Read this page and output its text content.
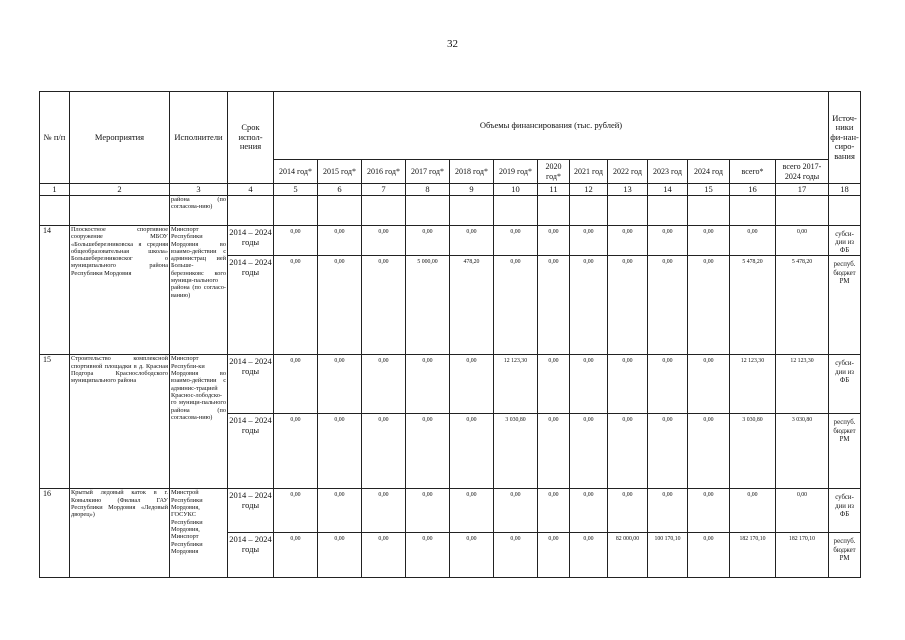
32
№ п/п	Мероприятия	Исполнители	Срок испол-нения	Объемы финансирования (тыс. рублей)													Источ-ники фи-нан-сиро-вания
				2014 год*	2015 год*	2016 год*	2017 год*	2018 год*	2019 год*	2020 год*	2021 год	2022 год	2023 год	2024 год	всего*	всего 2017-2024 годы	
1	2	3	4	5	6	7	8	9	10	11	12	13	14	15	16	17	18
		района (по согласова-нию)															
14	Плоскостное спортивное сооружение МБОУ «Большеберезниковска я средняя общеобразовательная школа» Большеберезниковског о муниципального района Республики Мордовия	Минспорт Республики Мордовия во взаимо-действии с администрац ией Больше-березниковс кого муници-пального района (по согласо-ванию)	2014 – 2024 годы	0,00	0,00	0,00	0,00	0,00	0,00	0,00	0,00	0,00	0,00	0,00	0,00	0,00	субси-дии из ФБ
			2014 – 2024 годы	0,00	0,00	0,00	5 000,00	478,20	0,00	0,00	0,00	0,00	0,00	0,00	5 478,20	5 478,20	респуб. бюджет РМ
15	Строительство комплексной спортивной площадки в д. Красная Подгора Краснослободского муниципального района	Минспорт Республи-ки Мордовия во взаимо-действии с админис-трацией Краснос-лободско-го муници-пального района (по согласова-нию)	2014 – 2024 годы	0,00	0,00	0,00	0,00	0,00	12 123,30	0,00	0,00	0,00	0,00	0,00	12 123,30	12 123,30	субси-дии из ФБ
			2014 – 2024 годы	0,00	0,00	0,00	0,00	0,00	3 030,80	0,00	0,00	0,00	0,00	0,00	3 030,80	3 030,80	респуб. бюджет РМ
16	Крытый ледовый каток в г. Ковылкино (Филиал ГАУ Республики Мордовия «Ледовый дворец»)	Минстрой Республики Мордовия, ГОСУКС Республики Мордовия, Минспорт Республики Мордовия	2014 – 2024 годы	0,00	0,00	0,00	0,00	0,00	0,00	0,00	0,00	0,00	0,00	0,00	0,00	0,00	субси-дии из ФБ
			2014 – 2024 годы	0,00	0,00	0,00	0,00	0,00	0,00	0,00	0,00	82 000,00	100 170,10	0,00	182 170,10	182 170,10	респуб. бюджет РМ
